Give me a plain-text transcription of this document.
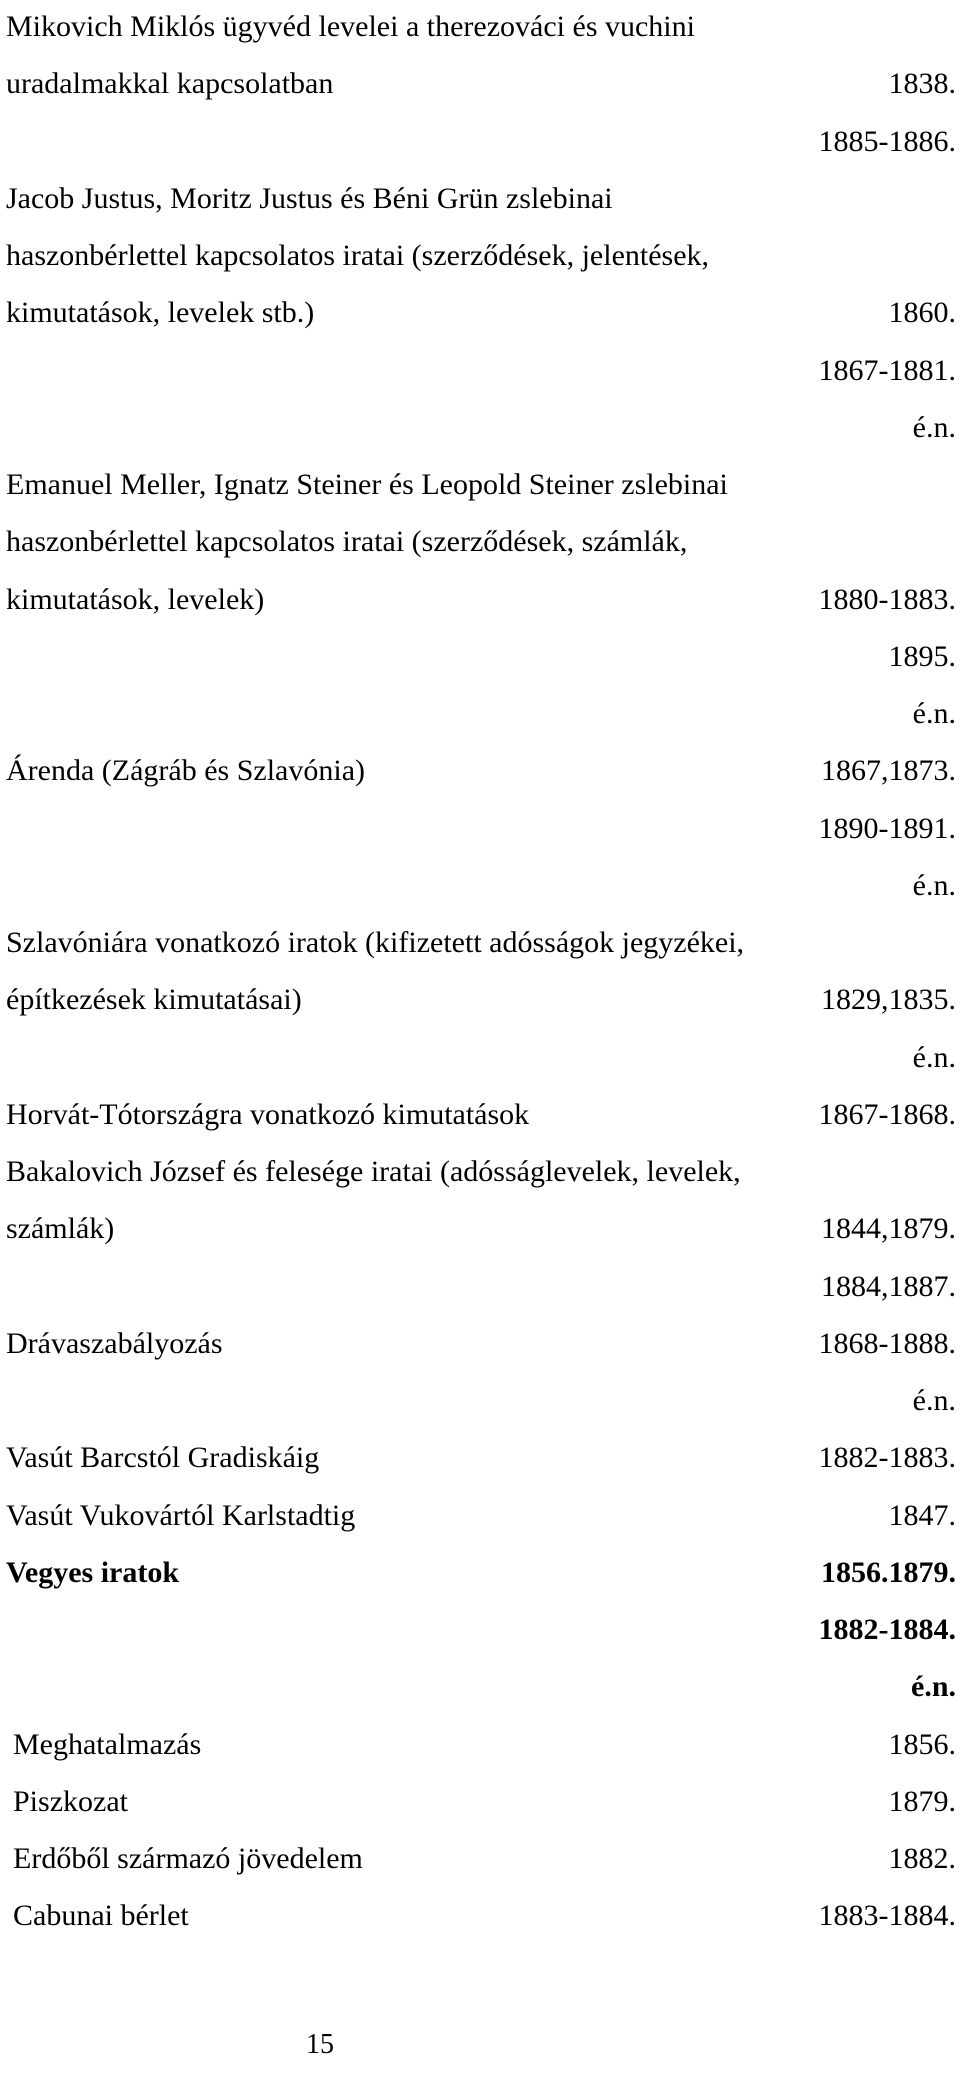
Mikovich Miklós ügyvéd levelei a therezováci és vuchini
uradalmakkal kapcsolatban	1838.
1885-1886.
Jacob Justus, Moritz Justus és Béni Grün zslebinai
haszonbérlettel kapcsolatos iratai (szerződések, jelentések,
kimutatások, levelek stb.)	1860.
1867-1881.
é.n.
Emanuel Meller, Ignatz Steiner és Leopold Steiner zslebinai
haszonbérlettel kapcsolatos iratai (szerződések, számlák,
kimutatások, levelek)	1880-1883.
1895.
é.n.
Árenda (Zágráb és Szlavónia)	1867,1873.
1890-1891.
é.n.
Szlavóniára vonatkozó iratok (kifizetett adósságok jegyzékei,
építkezések kimutatásai)	1829,1835.
é.n.
Horvát-Tótországra vonatkozó kimutatások	1867-1868.
Bakalovich József és felesége iratai (adósságlevelek, levelek,
számlák)	1844,1879.
1884,1887.
Drávaszabályozás	1868-1888.
é.n.
Vasút Barcstól Gradiskáig	1882-1883.
Vasút Vukovártól Karlstadtig	1847.
Vegyes iratok	1856.1879.
1882-1884.
é.n.
Meghatalmazás	1856.
Piszkozat	1879.
Erdőből származó jövedelem	1882.
Cabunai bérlet	1883-1884.
15
